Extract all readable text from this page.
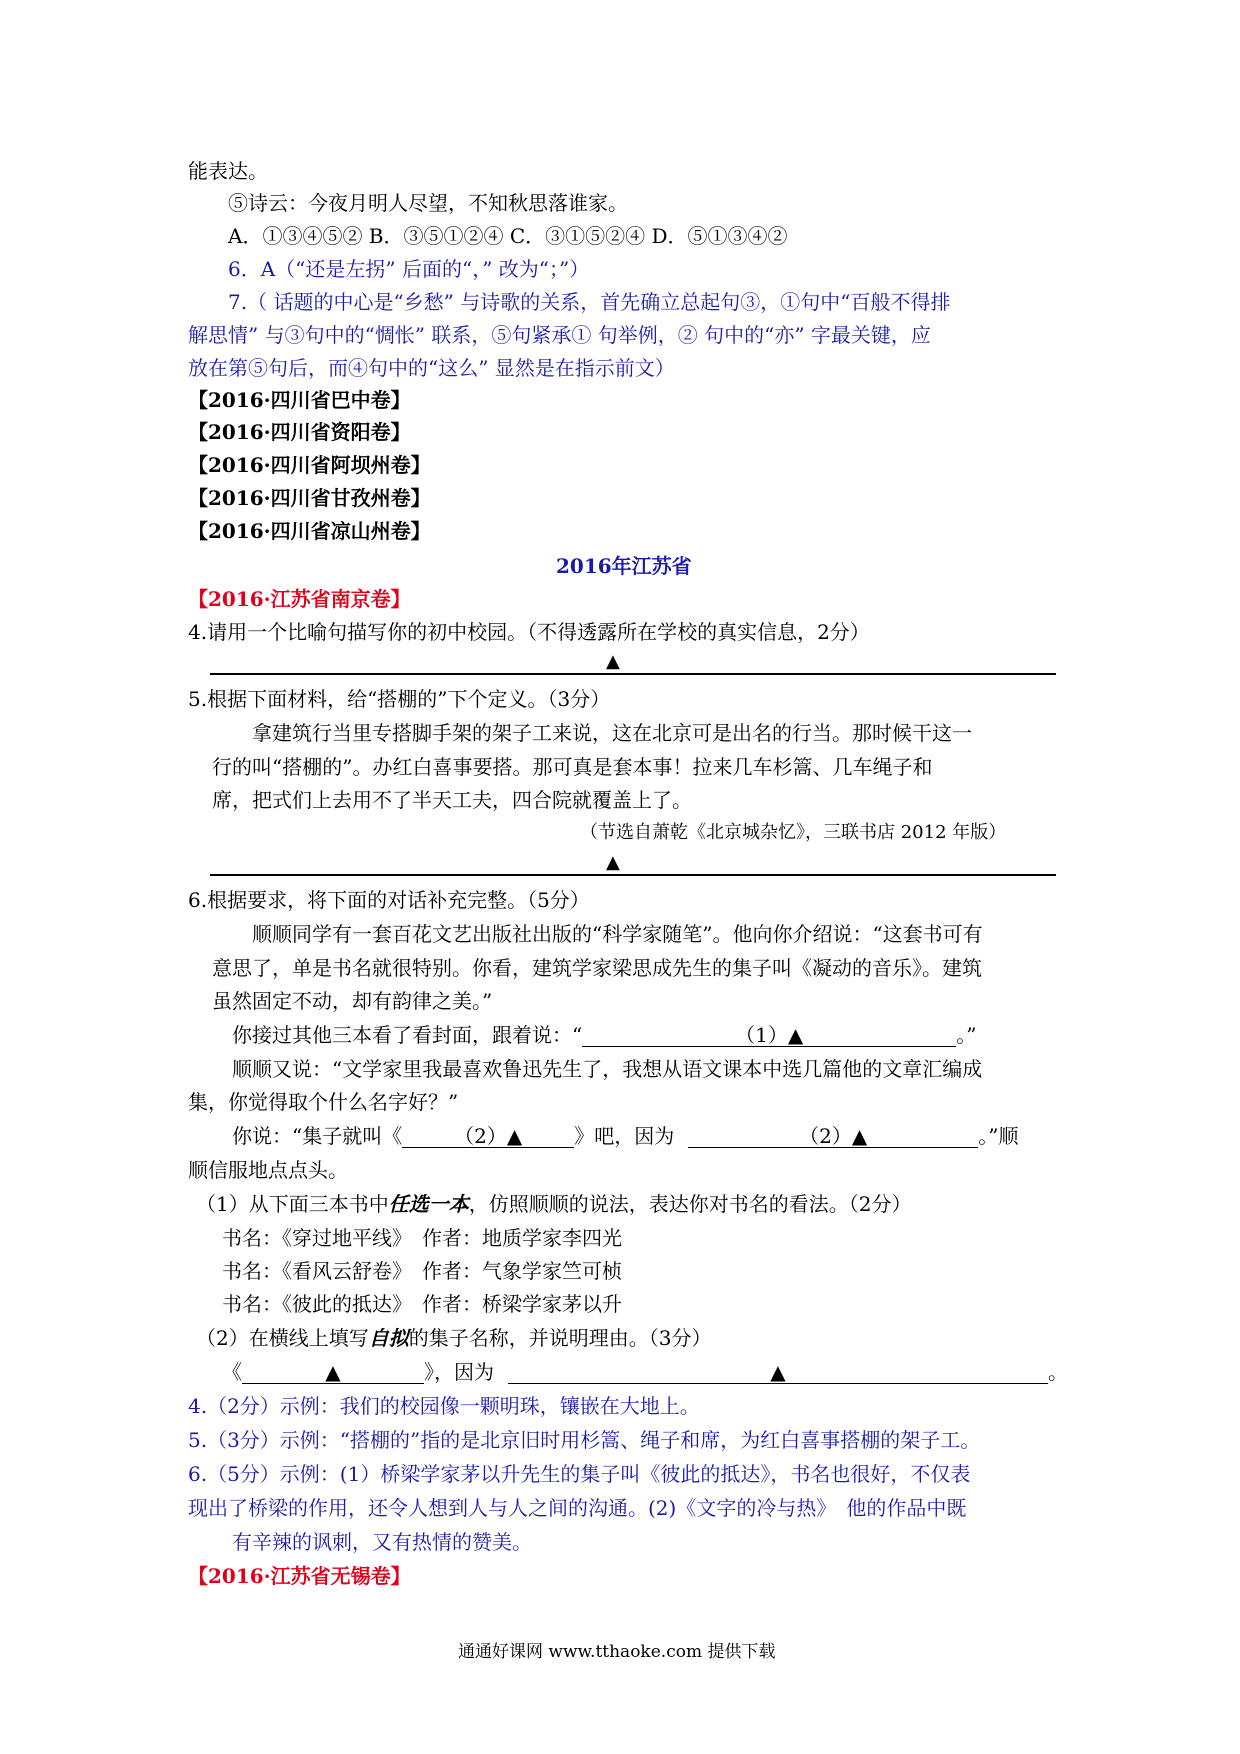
能表达。
⑤诗云：今夜月明人尽望，不知秋思落谁家。
A．①③④⑤② B．③⑤①②④ C．③①⑤②④ D．⑤①③④②
6．A（“还是左拐” 后面的“，” 改为“；”）
7.（ 话题的中心是“乡愁” 与诗歌的关系，首先确立总起句③，①句中“百般不得排
解思情” 与③句中的“惆怅” 联系，⑤句紧承① 句举例，② 句中的“亦” 字最关键，应
放在第⑤句后，而④句中的“这么” 显然是在指示前文）
【2016·四川省巴中卷】
【2016·四川省资阳卷】
【2016·四川省阿坝州卷】
【2016·四川省甘孜州卷】
【2016·四川省凉山州卷】
2016年江苏省
【2016·江苏省南京卷】
4.请用一个比喻句描写你的初中校园。（不得透露所在学校的真实信息，2分）
▲
5.根据下面材料，给“搭棚的”下个定义。（3分）
拿建筑行当里专搭脚手架的架子工来说，这在北京可是出名的行当。那时候干这一
行的叫“搭棚的”。办红白喜事要搭。那可真是套本事！拉来几车杉篙、几车绳子和
席，把式们上去用不了半天工夫，四合院就覆盖上了。
（节选自萧乾《北京城杂忆》，三联书店 2012 年版）
▲
6.根据要求，将下面的对话补充完整。（5分）
顺顺同学有一套百花文艺出版社出版的“科学家随笔”。他向你介绍说：“这套书可有
意思了，单是书名就很特别。你看，建筑学家梁思成先生的集子叫《凝动的音乐》。建筑
虽然固定不动，却有韵律之美。”
你接过其他三本看了看封面，跟着说：“	（1）▲	。”
顺顺又说：“文学家里我最喜欢鲁迅先生了，我想从语文课本中选几篇他的文章汇编成
集，你觉得取个什么名字好？”
你说：“集子就叫《	（2）▲	》吧，因为	（2）▲	。”顺
顺信服地点点头。
（1）从下面三本书中任选一本，仿照顺顺的说法，表达你对书名的看法。（2分）
书名：《穿过地平线》　作者：地质学家李四光
书名：《看风云舒卷》　作者：气象学家竺可桢
书名：《彼此的抵达》　作者：桥梁学家茅以升
（2）在横线上填写自拟的集子名称，并说明理由。（3分）
《	▲	》，因为	▲	。
4.（2分）示例：我们的校园像一颗明珠，镶嵌在大地上。
5.（3分）示例：“搭棚的”指的是北京旧时用杉篙、绳子和席，为红白喜事搭棚的架子工。
6.（5分）示例：(1）桥梁学家茅以升先生的集子叫《彼此的抵达》，书名也很好，不仅表
现出了桥梁的作用，还令人想到人与人之间的沟通。(2)《文字的冷与热》　他的作品中既
有辛辣的讽刺，又有热情的赞美。
【2016·江苏省无锡卷】
通通好课网 www.tthaoke.com 提供下载
